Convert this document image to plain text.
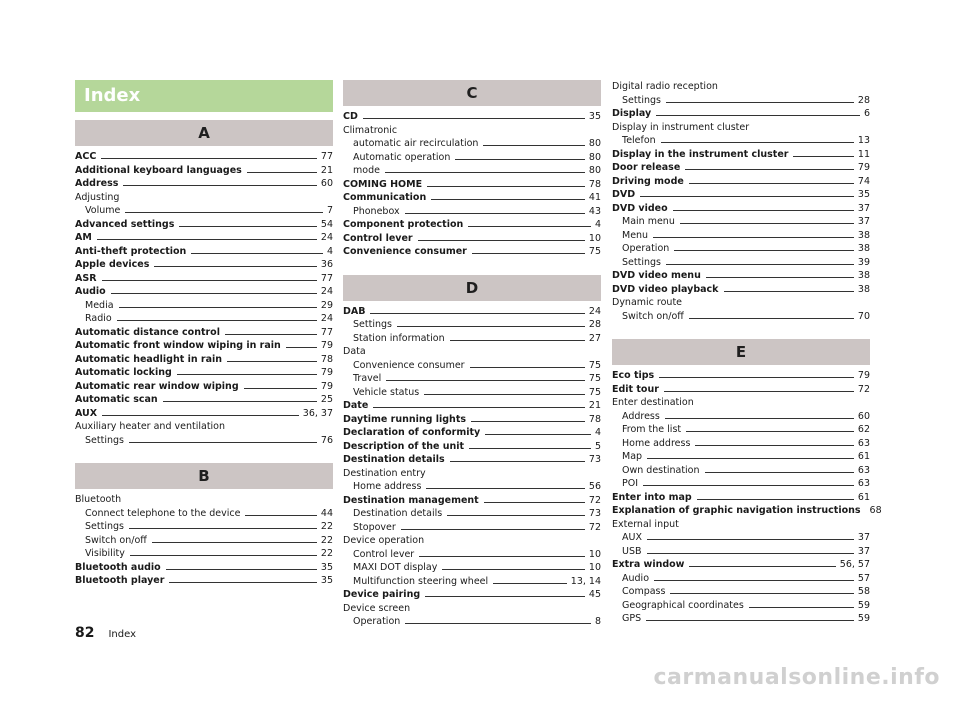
Index
A
ACC	77
Additional keyboard languages	21
Address	60
Adjusting
Volume	7
Advanced settings	54
AM	24
Anti-theft protection	4
Apple devices	36
ASR	77
Audio	24
Media	29
Radio	24
Automatic distance control	77
Automatic front window wiping in rain	79
Automatic headlight in rain	78
Automatic locking	79
Automatic rear window wiping	79
Automatic scan	25
AUX	36, 37
Auxiliary heater and ventilation
Settings	76
B
Bluetooth
Connect telephone to the device	44
Settings	22
Switch on/off	22
Visibility	22
Bluetooth audio	35
Bluetooth player	35
C
CD	35
Climatronic
automatic air recirculation	80
Automatic operation	80
mode	80
COMING HOME	78
Communication	41
Phonebox	43
Component protection	4
Control lever	10
Convenience consumer	75
D
DAB	24
Settings	28
Station information	27
Data
Convenience consumer	75
Travel	75
Vehicle status	75
Date	21
Daytime running lights	78
Declaration of conformity	4
Description of the unit	5
Destination details	73
Destination entry
Home address	56
Destination management	72
Destination details	73
Stopover	72
Device operation
Control lever	10
MAXI DOT display	10
Multifunction steering wheel	13, 14
Device pairing	45
Device screen
Operation	8
Digital radio reception
Settings	28
Display	6
Display in instrument cluster
Telefon	13
Display in the instrument cluster	11
Door release	79
Driving mode	74
DVD	35
DVD video	37
Main menu	37
Menu	38
Operation	38
Settings	39
DVD video menu	38
DVD video playback	38
Dynamic route
Switch on/off	70
E
Eco tips	79
Edit tour	72
Enter destination
Address	60
From the list	62
Home address	63
Map	61
Own destination	63
POI	63
Enter into map	61
Explanation of graphic navigation instructions 68
External input
AUX	37
USB	37
Extra window	56, 57
Audio	57
Compass	58
Geographical coordinates	59
GPS	59
82 Index
carmanualsonline.info
